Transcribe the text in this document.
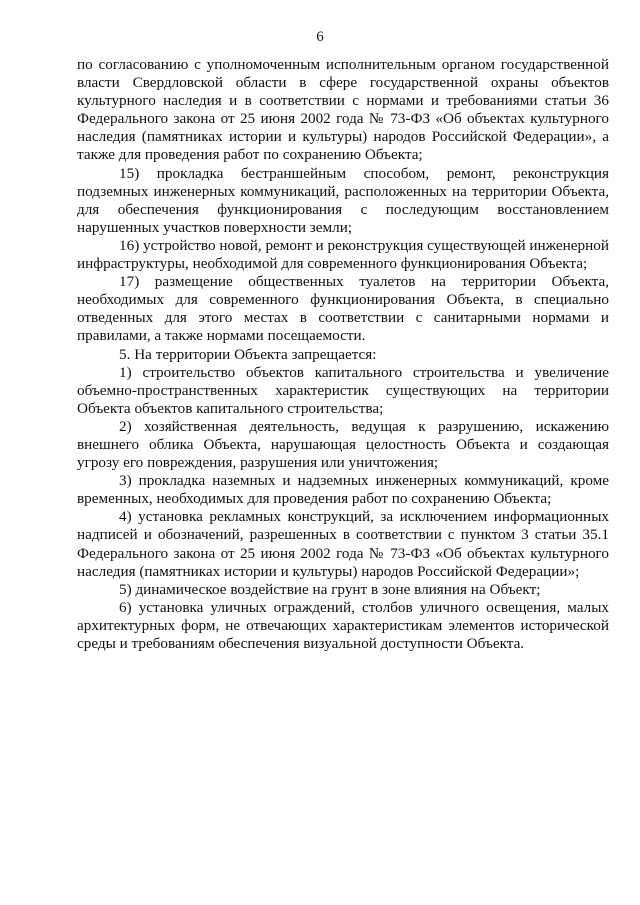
6

по согласованию с уполномоченным исполнительным органом государственной власти Свердловской области в сфере государственной охраны объектов культурного наследия и в соответствии с нормами и требованиями статьи 36 Федерального закона от 25 июня 2002 года № 73-ФЗ «Об объектах культурного наследия (памятниках истории и культуры) народов Российской Федерации», а также для проведения работ по сохранению Объекта;

15) прокладка бестраншейным способом, ремонт, реконструкция подземных инженерных коммуникаций, расположенных на территории Объекта, для обеспечения функционирования с последующим восстановлением нарушенных участков поверхности земли;

16) устройство новой, ремонт и реконструкция существующей инженерной инфраструктуры, необходимой для современного функционирования Объекта;

17) размещение общественных туалетов на территории Объекта, необходимых для современного функционирования Объекта, в специально отведенных для этого местах в соответствии с санитарными нормами и правилами, а также нормами посещаемости.

5. На территории Объекта запрещается:

1) строительство объектов капитального строительства и увеличение объемно-пространственных характеристик существующих на территории Объекта объектов капитального строительства;

2) хозяйственная деятельность, ведущая к разрушению, искажению внешнего облика Объекта, нарушающая целостность Объекта и создающая угрозу его повреждения, разрушения или уничтожения;

3) прокладка наземных и надземных инженерных коммуникаций, кроме временных, необходимых для проведения работ по сохранению Объекта;

4) установка рекламных конструкций, за исключением информационных надписей и обозначений, разрешенных в соответствии с пунктом 3 статьи 35.1 Федерального закона от 25 июня 2002 года № 73-ФЗ «Об объектах культурного наследия (памятниках истории и культуры) народов Российской Федерации»;

5) динамическое воздействие на грунт в зоне влияния на Объект;

6) установка уличных ограждений, столбов уличного освещения, малых архитектурных форм, не отвечающих характеристикам элементов исторической среды и требованиям обеспечения визуальной доступности Объекта.
